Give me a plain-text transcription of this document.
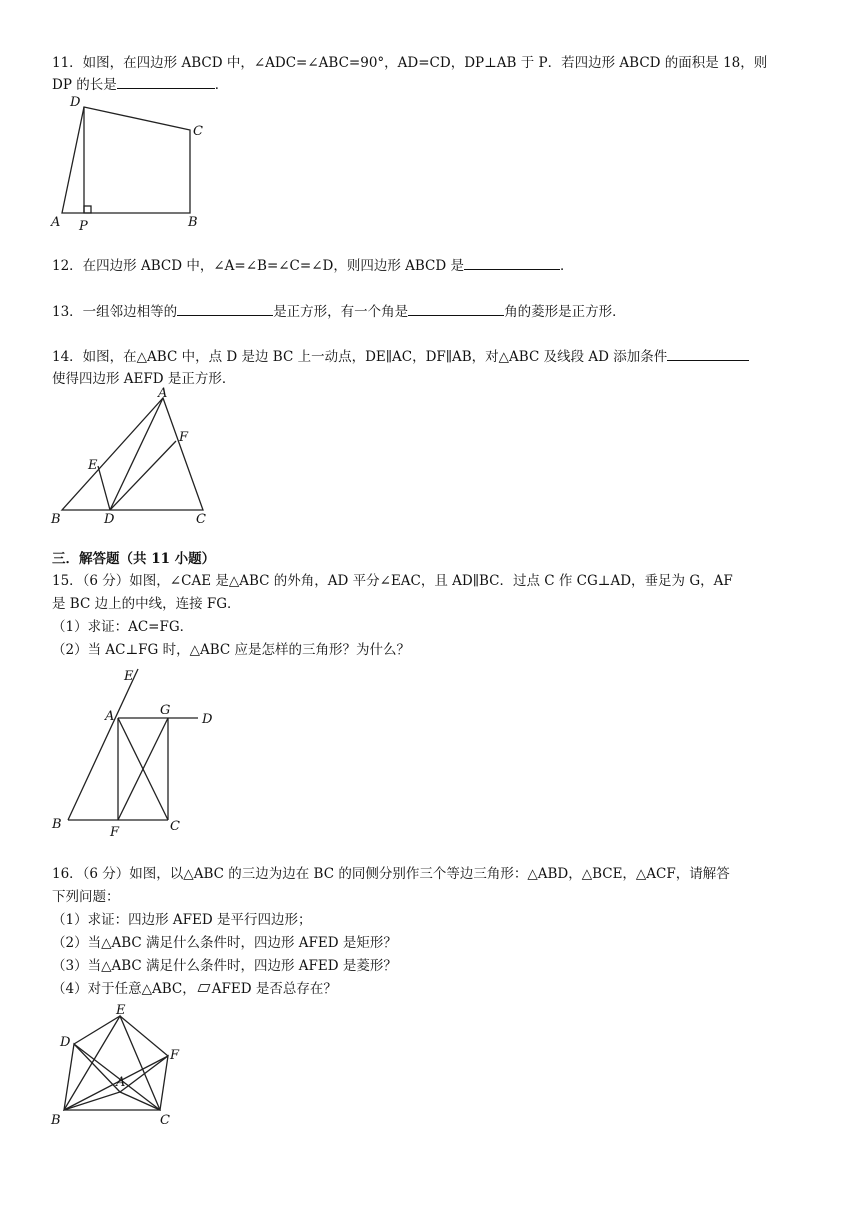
11．如图，在四边形 ABCD 中，∠ADC=∠ABC=90°，AD=CD，DP⊥AB 于 P．若四边形 ABCD 的面积是 18，则
DP 的长是	．
D
C
A P	B
12．在四边形 ABCD 中，∠A=∠B=∠C=∠D，则四边形 ABCD 是	．
13．一组邻边相等的	是正方形，有一个角是	角的菱形是正方形．
14．如图，在△ABC 中，点 D 是边 BC 上一动点，DE∥AC，DF∥AB，对△ABC 及线段 AD 添加条件
使得四边形 AEFD 是正方形．
A
F
E
B	D	C
三．解答题（共 11 小题）
15．（6 分）如图，∠CAE 是△ABC 的外角，AD 平分∠EAC，且 AD∥BC．过点 C 作 CG⊥AD，垂足为 G，AF
是 BC 边上的中线，连接 FG．
（1）求证：AC=FG．
（2）当 AC⊥FG 时，△ABC 应是怎样的三角形？为什么？
E
A	G
D
B
F	C
16．（6 分）如图，以△ABC 的三边为边在 BC 的同侧分别作三个等边三角形：△ABD，△BCE，△ACF，请解答
下列问题：
（1）求证：四边形 AFED 是平行四边形；
（2）当△ABC 满足什么条件时，四边形 AFED 是矩形？
（3）当△ABC 满足什么条件时，四边形 AFED 是菱形？
（4）对于任意△ABC， AFED 是否总存在？
E
D
F
A
B	C
